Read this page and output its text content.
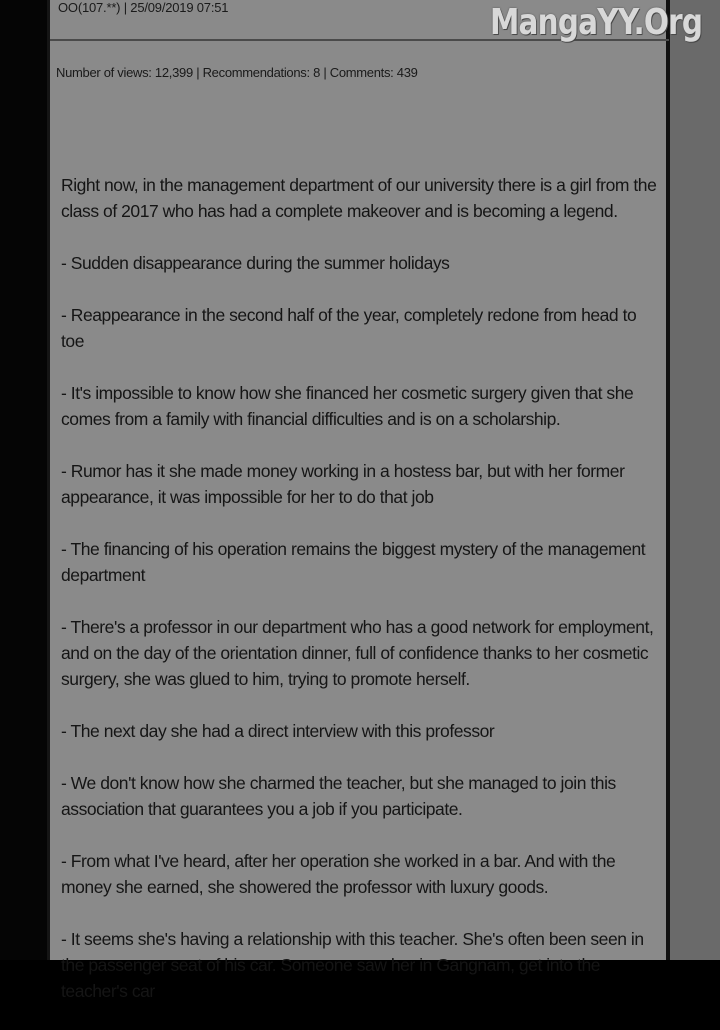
OO(107.**) | 25/09/2019 07:51
Number of views: 12,399 | Recommendations: 8 | Comments: 439

Right now, in the management department of our university there is a girl from the class of 2017 who has had a complete makeover and is becoming a legend.

- Sudden disappearance during the summer holidays

- Reappearance in the second half of the year, completely redone from head to toe

- It's impossible to know how she financed her cosmetic surgery given that she comes from a family with financial difficulties and is on a scholarship.

- Rumor has it she made money working in a hostess bar, but with her former appearance, it was impossible for her to do that job

- The financing of his operation remains the biggest mystery of the management department

- There's a professor in our department who has a good network for employment, and on the day of the orientation dinner, full of confidence thanks to her cosmetic surgery, she was glued to him, trying to promote herself.

- The next day she had a direct interview with this professor

- We don't know how she charmed the teacher, but she managed to join this association that guarantees you a job if you participate.

- From what I've heard, after her operation she worked in a bar. And with the money she earned, she showered the professor with luxury goods.

- It seems she's having a relationship with this teacher. She's often been seen in the passenger seat of his car. Someone saw her in Gangnam, get into the teacher's car

MangaYY.Org
